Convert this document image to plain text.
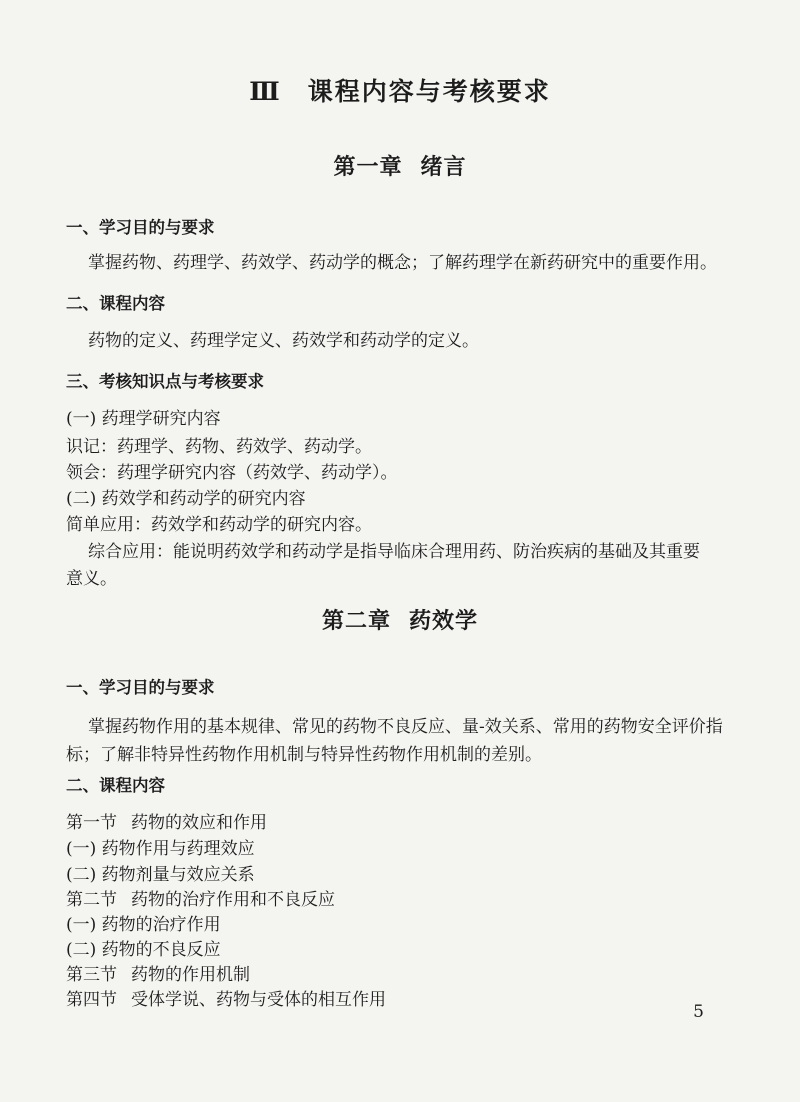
Ⅲ 课程内容与考核要求
第一章 绪言
一、学习目的与要求
掌握药物、药理学、药效学、药动学的概念；了解药理学在新药研究中的重要作用。
二、课程内容
药物的定义、药理学定义、药效学和药动学的定义。
三、考核知识点与考核要求
(一) 药理学研究内容
识记：药理学、药物、药效学、药动学。
领会：药理学研究内容（药效学、药动学）。
(二) 药效学和药动学的研究内容
简单应用：药效学和药动学的研究内容。
综合应用：能说明药效学和药动学是指导临床合理用药、防治疾病的基础及其重要
意义。
第二章 药效学
一、学习目的与要求
掌握药物作用的基本规律、常见的药物不良反应、量-效关系、常用的药物安全评价指
标；了解非特异性药物作用机制与特异性药物作用机制的差别。
二、课程内容
第一节 药物的效应和作用
(一) 药物作用与药理效应
(二) 药物剂量与效应关系
第二节 药物的治疗作用和不良反应
(一) 药物的治疗作用
(二) 药物的不良反应
第三节 药物的作用机制
第四节 受体学说、药物与受体的相互作用
5
